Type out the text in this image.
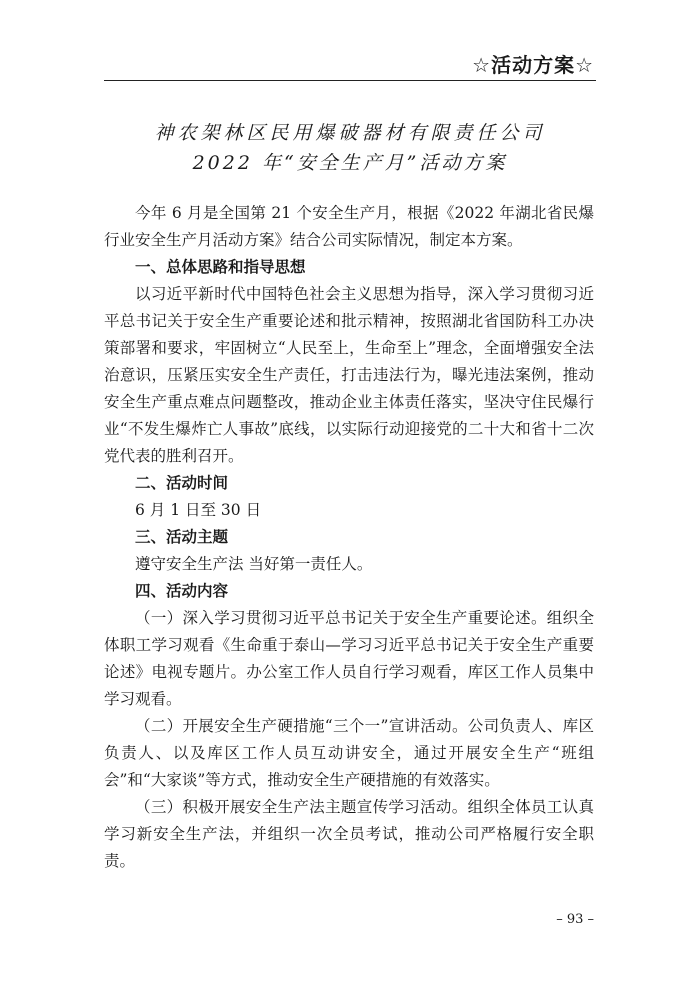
☆活动方案☆
神农架林区民用爆破器材有限责任公司
2022 年“安全生产月”活动方案

今年 6 月是全国第 21 个安全生产月，根据《2022 年湖北省民爆行业安全生产月活动方案》结合公司实际情况，制定本方案。

一、总体思路和指导思想

以习近平新时代中国特色社会主义思想为指导，深入学习贯彻习近平总书记关于安全生产重要论述和批示精神，按照湖北省国防科工办决策部署和要求，牢固树立“人民至上，生命至上”理念，全面增强安全法治意识，压紧压实安全生产责任，打击违法行为，曝光违法案例，推动安全生产重点难点问题整改，推动企业主体责任落实，坚决守住民爆行业“不发生爆炸亡人事故”底线，以实际行动迎接党的二十大和省十二次党代表的胜利召开。

二、活动时间

6 月 1 日至 30 日

三、活动主题

遵守安全生产法 当好第一责任人。

四、活动内容

（一）深入学习贯彻习近平总书记关于安全生产重要论述。组织全体职工学习观看《生命重于泰山—学习习近平总书记关于安全生产重要论述》电视专题片。办公室工作人员自行学习观看，库区工作人员集中学习观看。

（二）开展安全生产硬措施“三个一”宣讲活动。公司负责人、库区负责人、以及库区工作人员互动讲安全，通过开展安全生产“班组会”和“大家谈”等方式，推动安全生产硬措施的有效落实。

（三）积极开展安全生产法主题宣传学习活动。组织全体员工认真学习新安全生产法，并组织一次全员考试，推动公司严格履行安全职责。

– 93 –
